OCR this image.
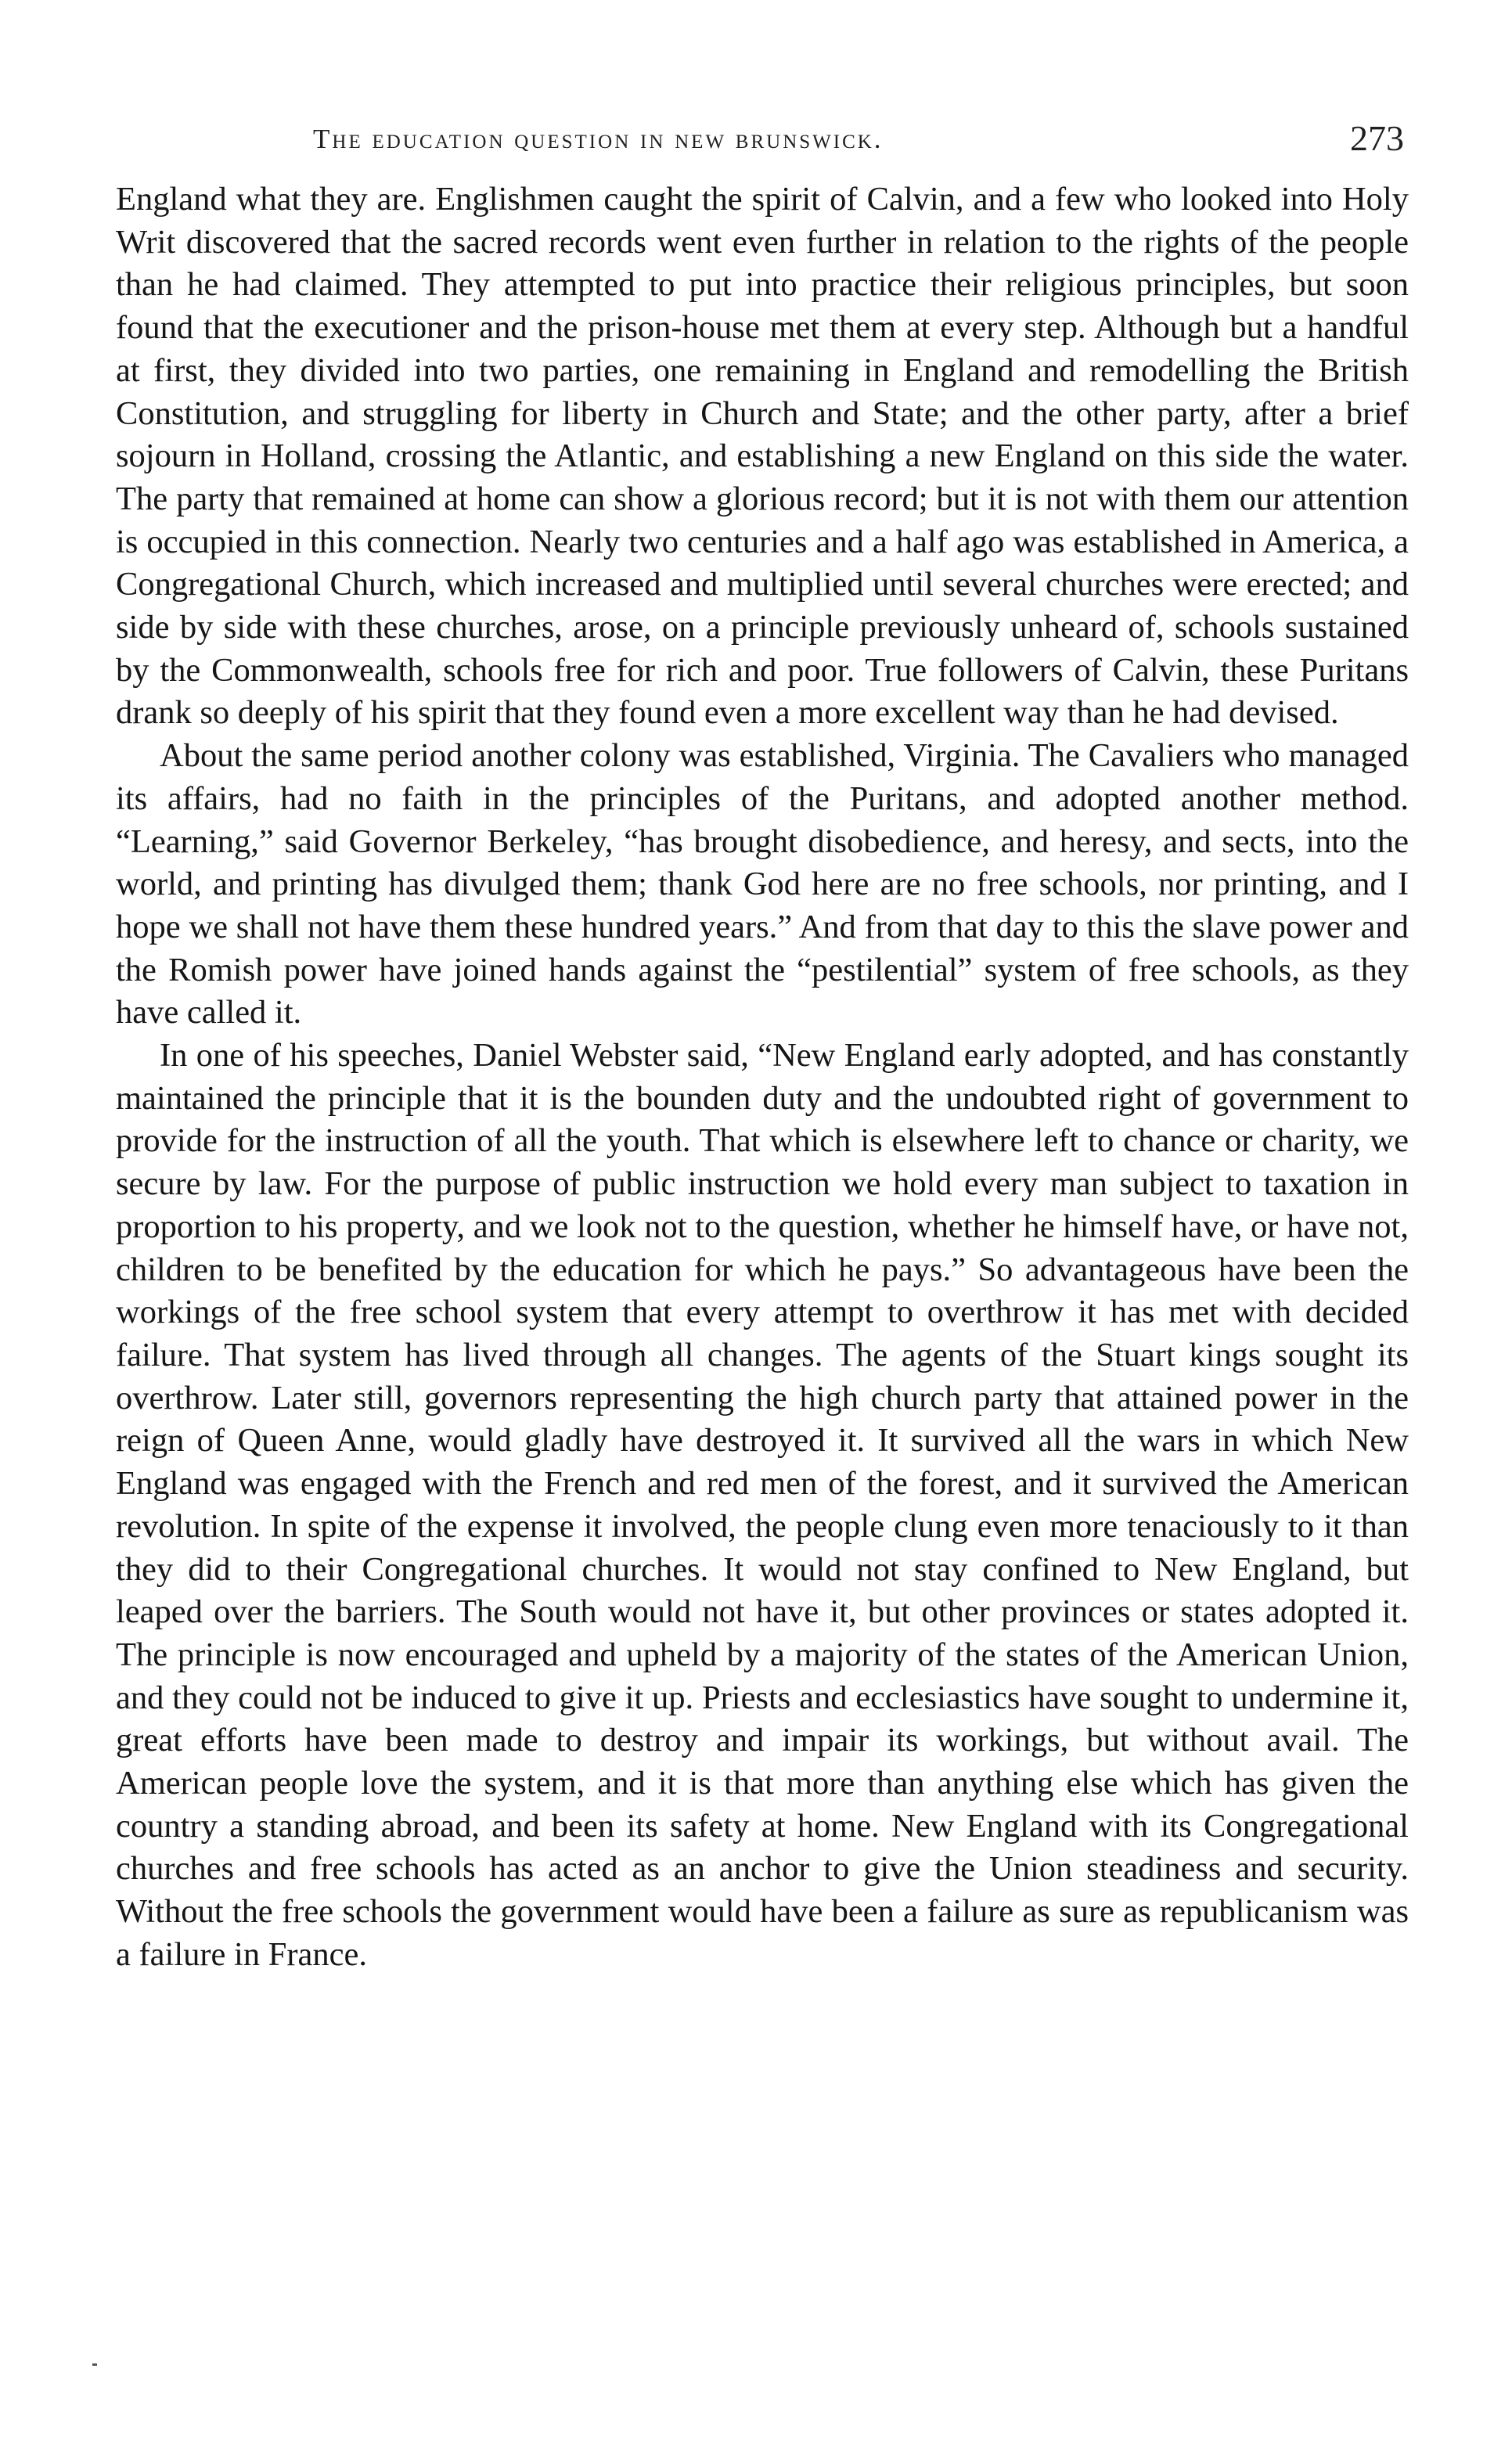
The education question in new brunswick.	273

England what they are. Englishmen caught the spirit of Calvin, and a few who looked into Holy Writ discovered that the sacred records went even further in relation to the rights of the people than he had claimed. They attempted to put into practice their religious principles, but soon found that the executioner and the prison-house met them at every step. Although but a handful at first, they divided into two parties, one remaining in England and remodelling the British Constitution, and struggling for liberty in Church and State; and the other party, after a brief sojourn in Holland, crossing the Atlantic, and establishing a new England on this side the water. The party that remained at home can show a glorious record; but it is not with them our attention is occupied in this connection. Nearly two centuries and a half ago was established in America, a Congregational Church, which increased and multiplied until several churches were erected; and side by side with these churches, arose, on a principle previously unheard of, schools sustained by the Commonwealth, schools free for rich and poor. True followers of Calvin, these Puritans drank so deeply of his spirit that they found even a more excellent way than he had devised.

About the same period another colony was established, Virginia. The Cavaliers who managed its affairs, had no faith in the principles of the Puritans, and adopted another method. “Learning,” said Governor Berkeley, “has brought disobedience, and heresy, and sects, into the world, and printing has divulged them; thank God here are no free schools, nor printing, and I hope we shall not have them these hundred years.” And from that day to this the slave power and the Romish power have joined hands against the “pestilential” system of free schools, as they have called it.

In one of his speeches, Daniel Webster said, “New England early adopted, and has constantly maintained the principle that it is the bounden duty and the undoubted right of government to provide for the instruction of all the youth. That which is elsewhere left to chance or charity, we secure by law. For the purpose of public instruction we hold every man subject to taxation in proportion to his property, and we look not to the question, whether he himself have, or have not, children to be benefited by the education for which he pays.” So advantageous have been the workings of the free school system that every attempt to overthrow it has met with decided failure. That system has lived through all changes. The agents of the Stuart kings sought its overthrow. Later still, governors representing the high church party that attained power in the reign of Queen Anne, would gladly have destroyed it. It survived all the wars in which New England was engaged with the French and red men of the forest, and it survived the American revolution. In spite of the expense it involved, the people clung even more tenaciously to it than they did to their Congregational churches. It would not stay confined to New England, but leaped over the barriers. The South would not have it, but other provinces or states adopted it. The principle is now encouraged and upheld by a majority of the states of the American Union, and they could not be induced to give it up. Priests and ecclesiastics have sought to undermine it, great efforts have been made to destroy and impair its workings, but without avail. The American people love the system, and it is that more than anything else which has given the country a standing abroad, and been its safety at home. New England with its Congregational churches and free schools has acted as an anchor to give the Union steadiness and security. Without the free schools the government would have been a failure as sure as republicanism was a failure in France.
